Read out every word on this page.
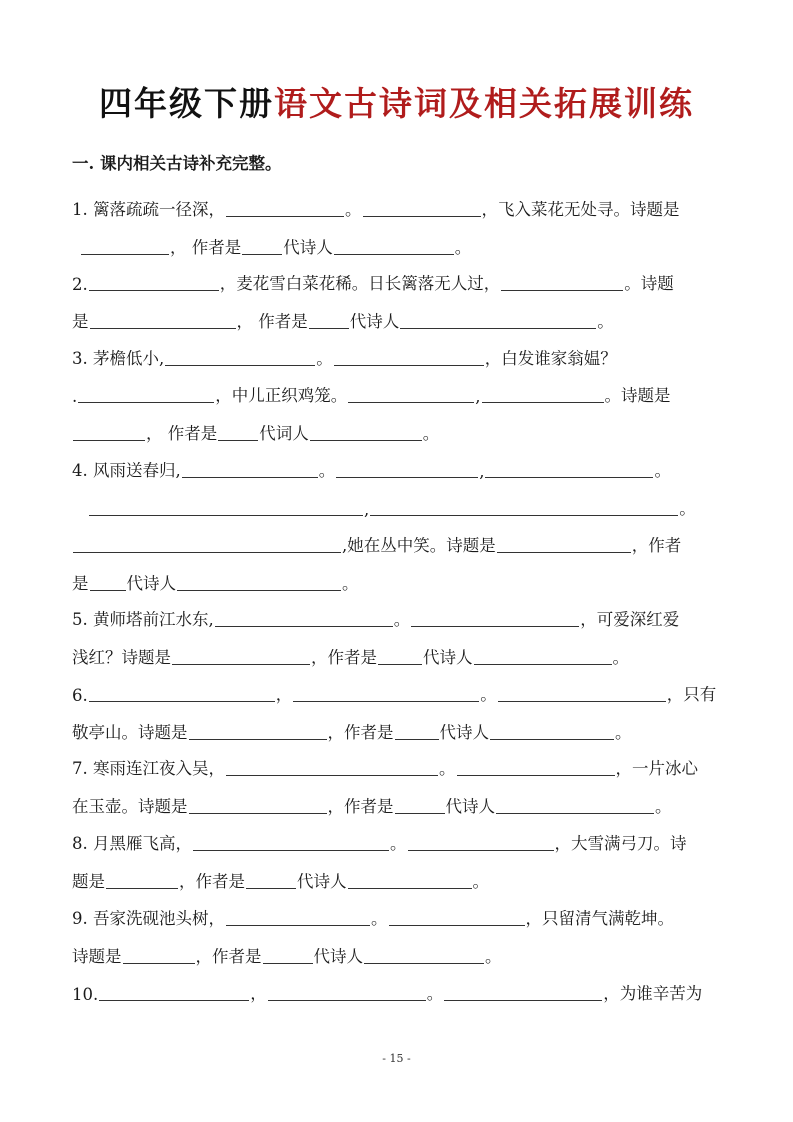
四年级下册语文古诗词及相关拓展训练
一. 课内相关古诗补充完整。
1. 篱落疏疏一径深，	。	，飞入菜花无处寻。诗题是
， 作者是	代诗人	。
2.	，麦花雪白菜花稀。日长篱落无人过，	。诗题
是	， 作者是	代诗人	。
3. 茅檐低小,	。	，白发谁家翁媪？
.	，中儿正织鸡笼。	,	。诗题是
， 作者是	代词人	。
4. 风雨送春归,	。	,	。
,	。
,她在丛中笑。诗题是	，作者
是 代诗人	。
5. 黄师塔前江水东,	。	，可爱深红爱
浅红？诗题是	，作者是	代诗人	。
6.	，	。	，只有
敬亭山。诗题是	，作者是	代诗人	。
7. 寒雨连江夜入吴，	。	，一片冰心
在玉壶。诗题是	，作者是	代诗人	。
8. 月黑雁飞高，	。	，大雪满弓刀。诗
题是	，作者是	代诗人	。
9. 吾家洗砚池头树，	。	，只留清气满乾坤。
诗题是	，作者是	代诗人	。
10.	，	。	，为谁辛苦为
- 15 -
